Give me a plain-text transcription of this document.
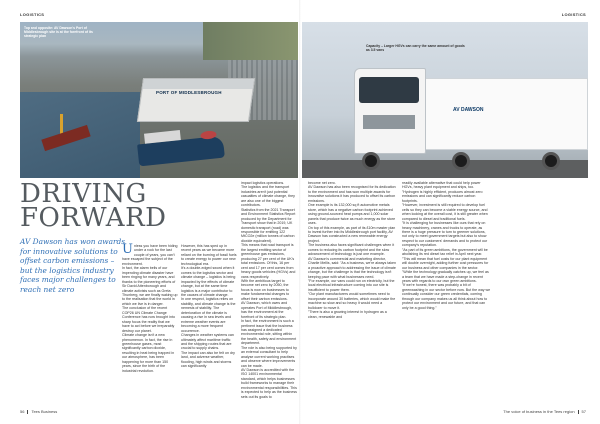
LOGISTICS	LOGISTICS
PORT OF MIDDLESBROUGH
Top and opposite: AV Dawson's Port of Middlesbrough site is at the forefront of its strategic plan
Capacity – Larger HGVs can carry the same amount of goods as 3.5 vans
AV DAWSON
DRIVING
FORWARD
AV Dawson has won awards for innovative solutions to offset carbon emissions – but the logistics industry faces major challenges to reach net zero

Unless you have been hiding under a rock for the last couple of years, you can't have escaped the subject of the environment.

In fact, the alarm bells of our impending climate disaster have been ringing for many years, and thanks to the pioneering efforts of Sir David Attenborough and climate activists such as Greta Thunberg, we are finally waking up to the realisation that the world in which we live is in danger.

The conclusion of the recent COP26 UN Climate Change Conference has now brought into sharp focus the reality that we have to act before we irreparably destroy our planet.

Climate change isn't a new phenomenon. In fact, the rise in greenhouse gases, most significantly carbon dioxide, resulting in heat being trapped in our atmosphere, has been happening for more than 150 years, since the birth of the industrial revolution.

However, this has sped up in recent years as we became more reliant on the burning of fossil fuels to create energy to power our new technological era.

It's a double-edged sword when it comes to the logistics sector and climate change – logistics is being impacted by the effects of climate change, but at the same time logistics is a major contributor to the causes of climate change.

In one respect, logistics relies on stability, and climate change is the nemesis of stability. The deterioration of the climate is causing a rise in sea levels and extreme weather events are becoming a more frequent occurrence.

Changes in weather systems can ultimately affect maritime traffic and the shipping routes that are crucial to supply chains.

The impact can also be felt on dry land, and adverse weather, flooding, high winds and storms can significantly

impact logistics operations.

The logistics and the transport industries aren't just potential casualties of climate change, they are also one of the biggest contributors.

Statistics from the 2021 Transport and Environment Statistics Report produced by the Department for Transport show that in 2019, UK domestic transport (road) was responsible for emitting 122 MtCO2e (million tonnes of carbon dioxide equivalent).

This means that road transport is the largest emitting sector of greenhouse gas emissions, producing 27 per cent of the UK's total emissions. Of this, 16 per cent and 17 per cent comes from heavy goods vehicles (HGVs) and vans respectively.

With the ambitious target to become net zero by 2050, the focus is now on businesses to make fundamental changes to offset their carbon emissions.

AV Dawson, which owns and operates Port of Middlesbrough, has the environment at the forefront of its strategic plan.

In fact, the environment is such a pertinent issue that the business has assigned a dedicated environmental role, sitting within the health, safety and environment department.

The role is also being supported by an external consultant to help analyse current working practises and observe where improvements can be made.

AV Dawson is accredited with the ISO 14001 environmental standard, which helps businesses build frameworks to manage their environmental responsibilities. This is expected to help as the business sets out its goals to

become net zero.

AV Dawson has also been recognised for its dedication to the environment and has won multiple awards for innovative solutions it has produced to offset its carbon emissions.

One example is its 132,000 sq ft automotive metals store, which has a negative carbon footprint achieved using ground-sourced heat pumps and 1,000 solar panels that produce twice as much energy as the store uses.

On top of this example, as part of its £10m master plan to invest further into its Middlesbrough port facility, AV Dawson has constructed a new renewable energy project.

The business also faces significant challenges when it comes to reducing its carbon footprint and the slow advancement of technology is just one example.

AV Dawson's commercial and marketing director, Charlie Mellis, said: "As a business, we're always taken a proactive approach to addressing the issue of climate change, but the challenge is that the technology isn't keeping pace with what businesses need.

"For example, our vans could run on electricity, but the local electrical infrastructure coming into our site is insufficient to power them.

"Our plant manufacturers would sometimes need to incorporate around 30 batteries, which would make the machine so slow and so heavy it would need a bulldozer to move it.

"There is also a growing interest in hydrogen as a clean, renewable and

readily available alternative that could help power HGVs, heavy plant equipment and ships, too.

"Hydrogen is highly efficient, produces almost zero emissions and can significantly reduce carbon footprints.

"However, investment is still required to develop fuel cells so they can become a viable energy source, and when looking at the overall cost, it is still greater when compared to diesel and traditional fuels.

"It is challenging for businesses like ours that rely on heavy machinery, cranes and trucks to operate, as there is a huge pressure to turn to greener solutions, not only to meet government targets but also to show respect to our customers' demands and to protect our company's reputation.

"As part of its green ambitions, the government will be abolishing its red diesel tax relief in April next year.

"This will mean that fuel costs for our plant equipment will double overnight, adding further cost pressures for our business and other companies in the sector.

"While the technology gradually catches up, we feel as a team that we have made a step-change in recent years with regards to our own green ambitions.

"If we're honest, there was probably a bit of greenwashing in our sector before now. But the way we continually consider our green credentials, coming through our company makes us all think about how to protect our environment and our future, and that can only be a good thing."

56 Tees Business	The voice of business in the Tees region 57
